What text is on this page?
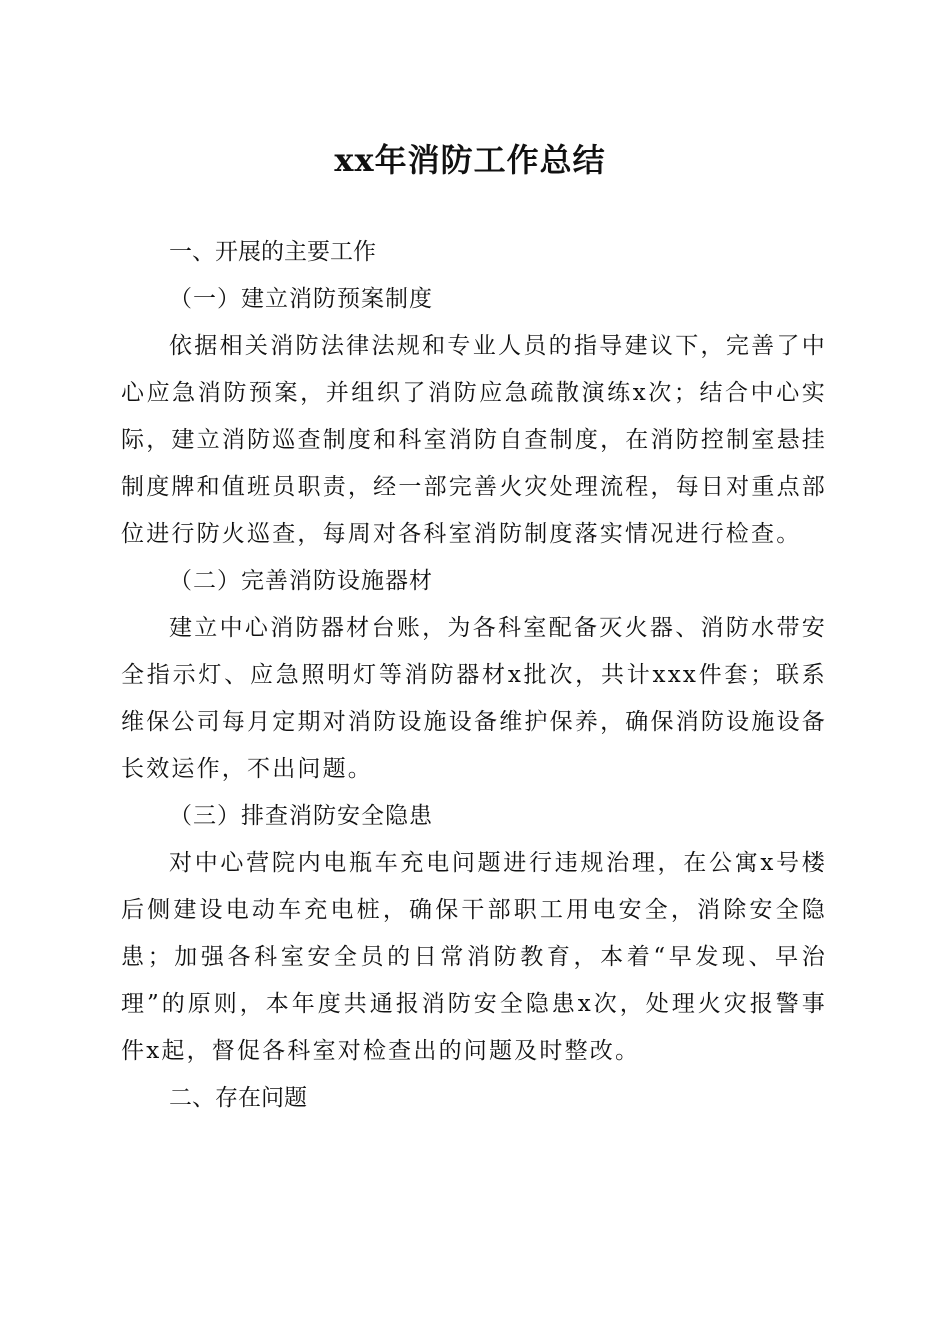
xx年消防工作总结

一、开展的主要工作

（一）建立消防预案制度

依据相关消防法律法规和专业人员的指导建议下，完善了中心应急消防预案，并组织了消防应急疏散演练x次；结合中心实际，建立消防巡查制度和科室消防自查制度，在消防控制室悬挂制度牌和值班员职责，经一部完善火灾处理流程，每日对重点部位进行防火巡查，每周对各科室消防制度落实情况进行检查。

（二）完善消防设施器材

建立中心消防器材台账，为各科室配备灭火器、消防水带安全指示灯、应急照明灯等消防器材x批次，共计xxx件套；联系维保公司每月定期对消防设施设备维护保养，确保消防设施设备长效运作，不出问题。

（三）排查消防安全隐患

对中心营院内电瓶车充电问题进行违规治理，在公寓x号楼后侧建设电动车充电桩，确保干部职工用电安全，消除安全隐患；加强各科室安全员的日常消防教育，本着“早发现、早治理”的原则，本年度共通报消防安全隐患x次，处理火灾报警事件x起，督促各科室对检查出的问题及时整改。

二、存在问题
